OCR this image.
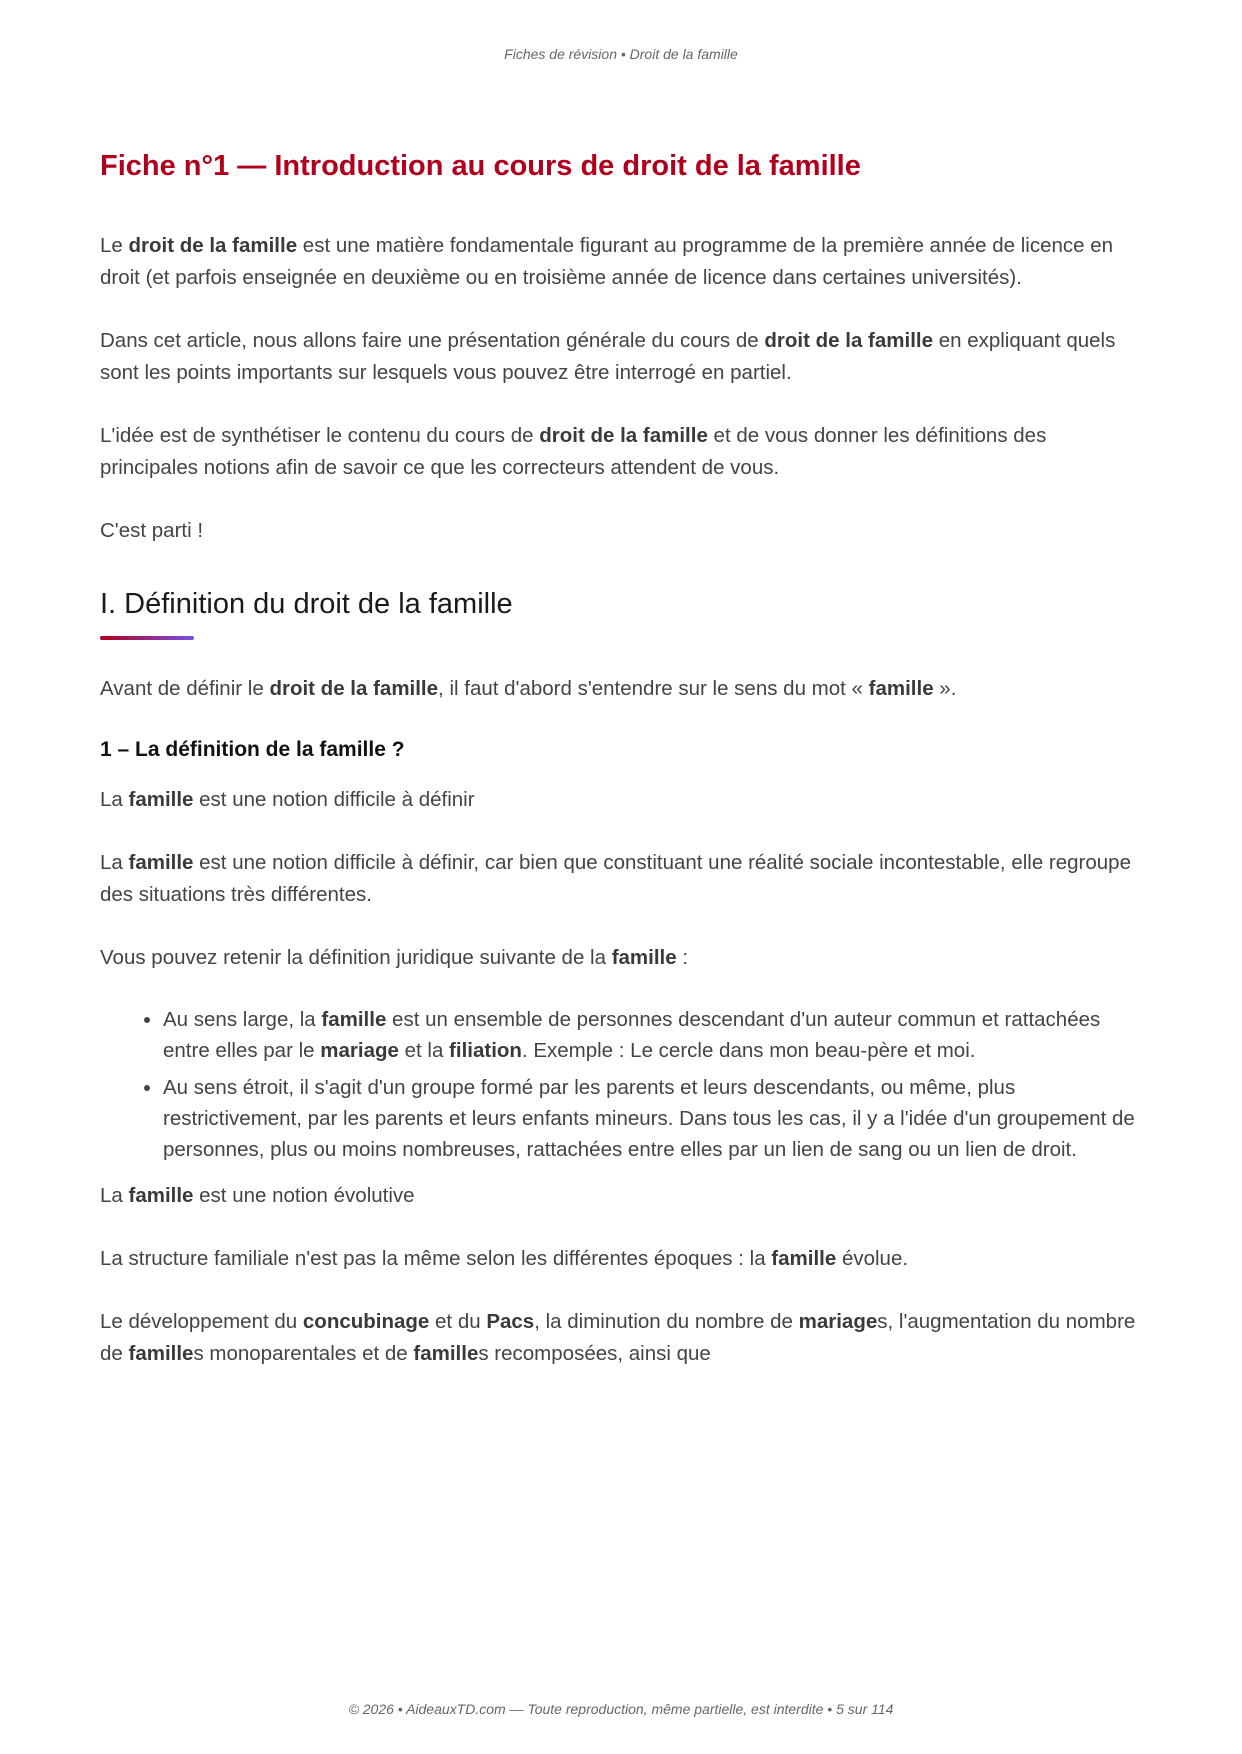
Fiches de révision • Droit de la famille
Fiche n°1 — Introduction au cours de droit de la famille

Le droit de la famille est une matière fondamentale figurant au programme de la première année de licence en droit (et parfois enseignée en deuxième ou en troisième année de licence dans certaines universités).

Dans cet article, nous allons faire une présentation générale du cours de droit de la famille en expliquant quels sont les points importants sur lesquels vous pouvez être interrogé en partiel.

L'idée est de synthétiser le contenu du cours de droit de la famille et de vous donner les définitions des principales notions afin de savoir ce que les correcteurs attendent de vous.

C'est parti !

I. Définition du droit de la famille

Avant de définir le droit de la famille, il faut d'abord s'entendre sur le sens du mot « famille ».

1 – La définition de la famille ?

La famille est une notion difficile à définir

La famille est une notion difficile à définir, car bien que constituant une réalité sociale incontestable, elle regroupe des situations très différentes.

Vous pouvez retenir la définition juridique suivante de la famille :

• Au sens large, la famille est un ensemble de personnes descendant d'un auteur commun et rattachées entre elles par le mariage et la filiation. Exemple : Le cercle dans mon beau-père et moi.
• Au sens étroit, il s'agit d'un groupe formé par les parents et leurs descendants, ou même, plus restrictivement, par les parents et leurs enfants mineurs. Dans tous les cas, il y a l'idée d'un groupement de personnes, plus ou moins nombreuses, rattachées entre elles par un lien de sang ou un lien de droit.

La famille est une notion évolutive

La structure familiale n'est pas la même selon les différentes époques : la famille évolue.

Le développement du concubinage et du Pacs, la diminution du nombre de mariages, l'augmentation du nombre de familles monoparentales et de familles recomposées, ainsi que

© 2026 • AideauxTD.com — Toute reproduction, même partielle, est interdite • 5 sur 114
